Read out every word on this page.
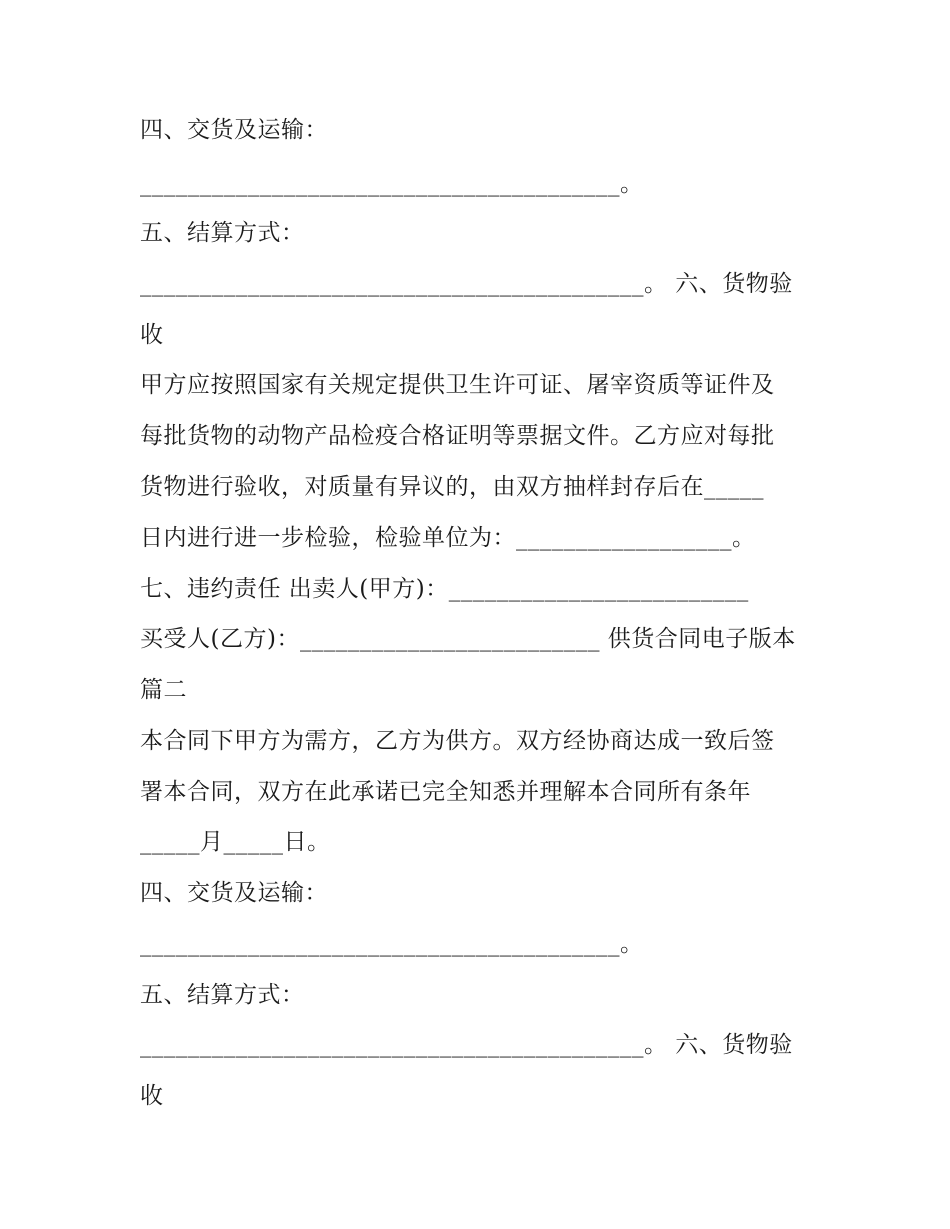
四、交货及运输：
________________________________________。
五、结算方式：
__________________________________________。 六、货物验
收
甲方应按照国家有关规定提供卫生许可证、屠宰资质等证件及
每批货物的动物产品检疫合格证明等票据文件。乙方应对每批
货物进行验收，对质量有异议的，由双方抽样封存后在_____
日内进行进一步检验，检验单位为：__________________。
七、违约责任 出卖人(甲方)：_________________________
买受人(乙方)：_________________________ 供货合同电子版本
篇二
本合同下甲方为需方，乙方为供方。双方经协商达成一致后签
署本合同，双方在此承诺已完全知悉并理解本合同所有条年
_____月_____日。
四、交货及运输：
________________________________________。
五、结算方式：
__________________________________________。 六、货物验
收
